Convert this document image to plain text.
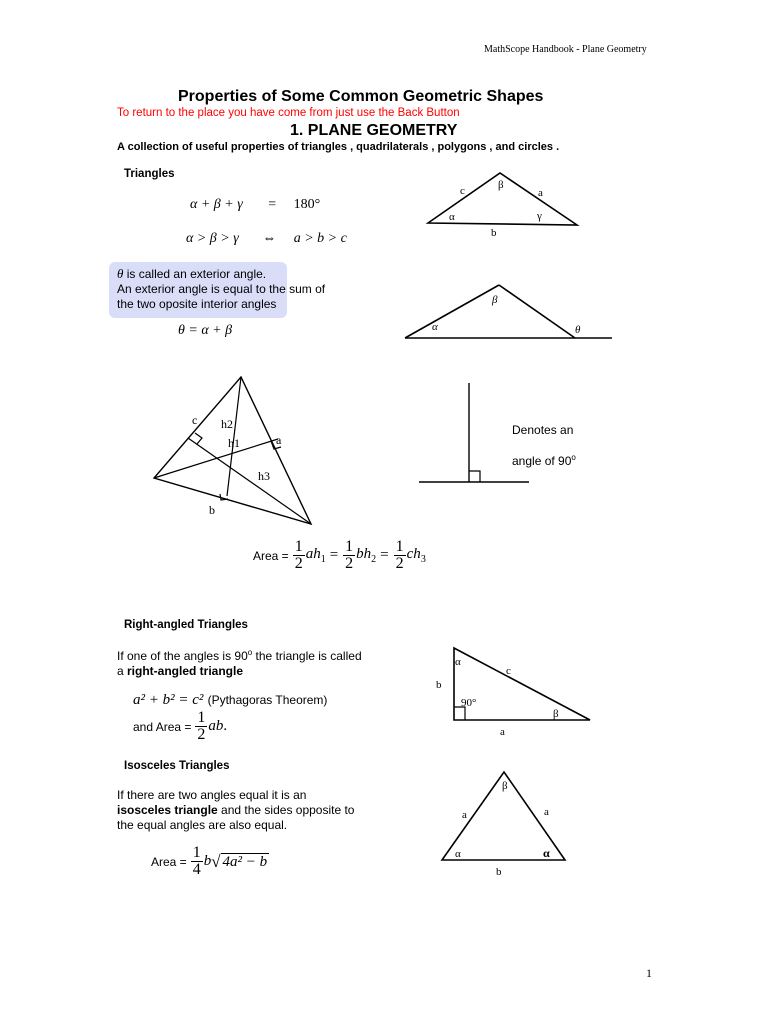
MathScope Handbook - Plane Geometry
Properties of Some Common Geometric Shapes
To return to the place you have come from just use the Back Button
1. PLANE GEOMETRY
A collection of useful properties of triangles , quadrilaterals , polygons , and circles .
Triangles
α + β + γ = 180°
α > β > γ ⇔ a > b > c
c	β
a
α	γ
b
θ is called an exterior angle.
An exterior angle is equal to the sum of
the two oposite interior angles
θ = α + β
β
α	θ
c h2
h1	a
h3
b
Denotes an
angle of 90$^o$
Area = $\frac{1}{2} ah_1 = \frac{1}{2} bh_2 = \frac{1}{2} ch_3$
Right-angled Triangles
If one of the angles is 90$^o$ the triangle is called
a right-angled triangle
a² + b² = c² (Pythagoras Theorem)
and Area = $\frac{1}{2}$ ab .
α
c
b
90°
β
a
Isosceles Triangles
If there are two angles equal it is an
isosceles triangle and the sides opposite to
the equal angles are also equal.
Area = $\frac{1}{4}$ b √ 4a² − b
β
a	a
α	α
b
1
